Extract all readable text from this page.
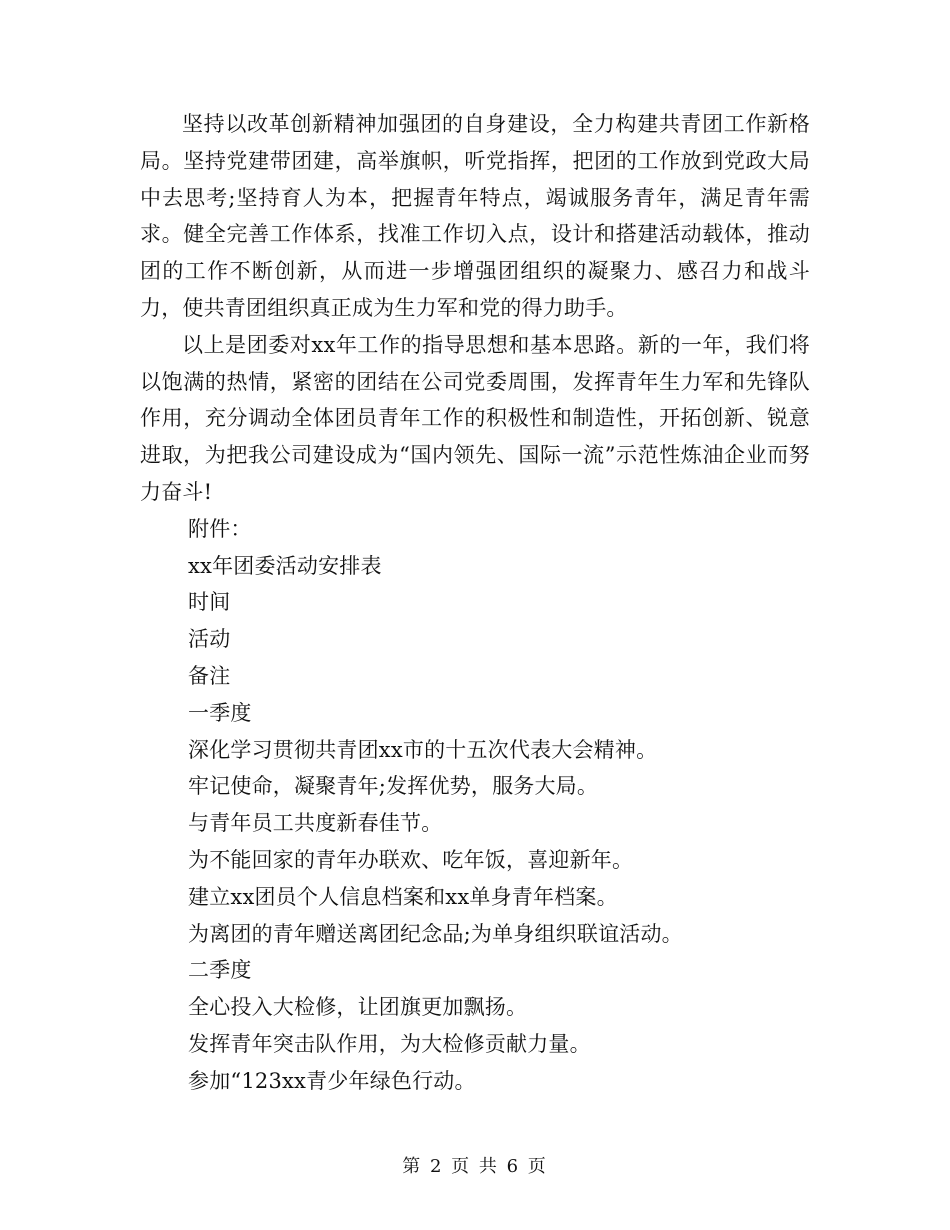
坚持以改革创新精神加强团的自身建设，全力构建共青团工作新格局。坚持党建带团建，高举旗帜，听党指挥，把团的工作放到党政大局中去思考;坚持育人为本，把握青年特点，竭诚服务青年，满足青年需求。健全完善工作体系，找准工作切入点，设计和搭建活动载体，推动团的工作不断创新，从而进一步增强团组织的凝聚力、感召力和战斗力，使共青团组织真正成为生力军和党的得力助手。

以上是团委对xx年工作的指导思想和基本思路。新的一年，我们将以饱满的热情，紧密的团结在公司党委周围，发挥青年生力军和先锋队作用，充分调动全体团员青年工作的积极性和制造性，开拓创新、锐意进取，为把我公司建设成为“国内领先、国际一流”示范性炼油企业而努力奋斗!

附件：

xx年团委活动安排表

时间

活动

备注

一季度

深化学习贯彻共青团xx市的十五次代表大会精神。

牢记使命，凝聚青年;发挥优势，服务大局。

与青年员工共度新春佳节。

为不能回家的青年办联欢、吃年饭，喜迎新年。

建立xx团员个人信息档案和xx单身青年档案。

为离团的青年赠送离团纪念品;为单身组织联谊活动。

二季度

全心投入大检修，让团旗更加飘扬。

发挥青年突击队作用，为大检修贡献力量。

参加“123xx青少年绿色行动。

第 2 页 共 6 页
